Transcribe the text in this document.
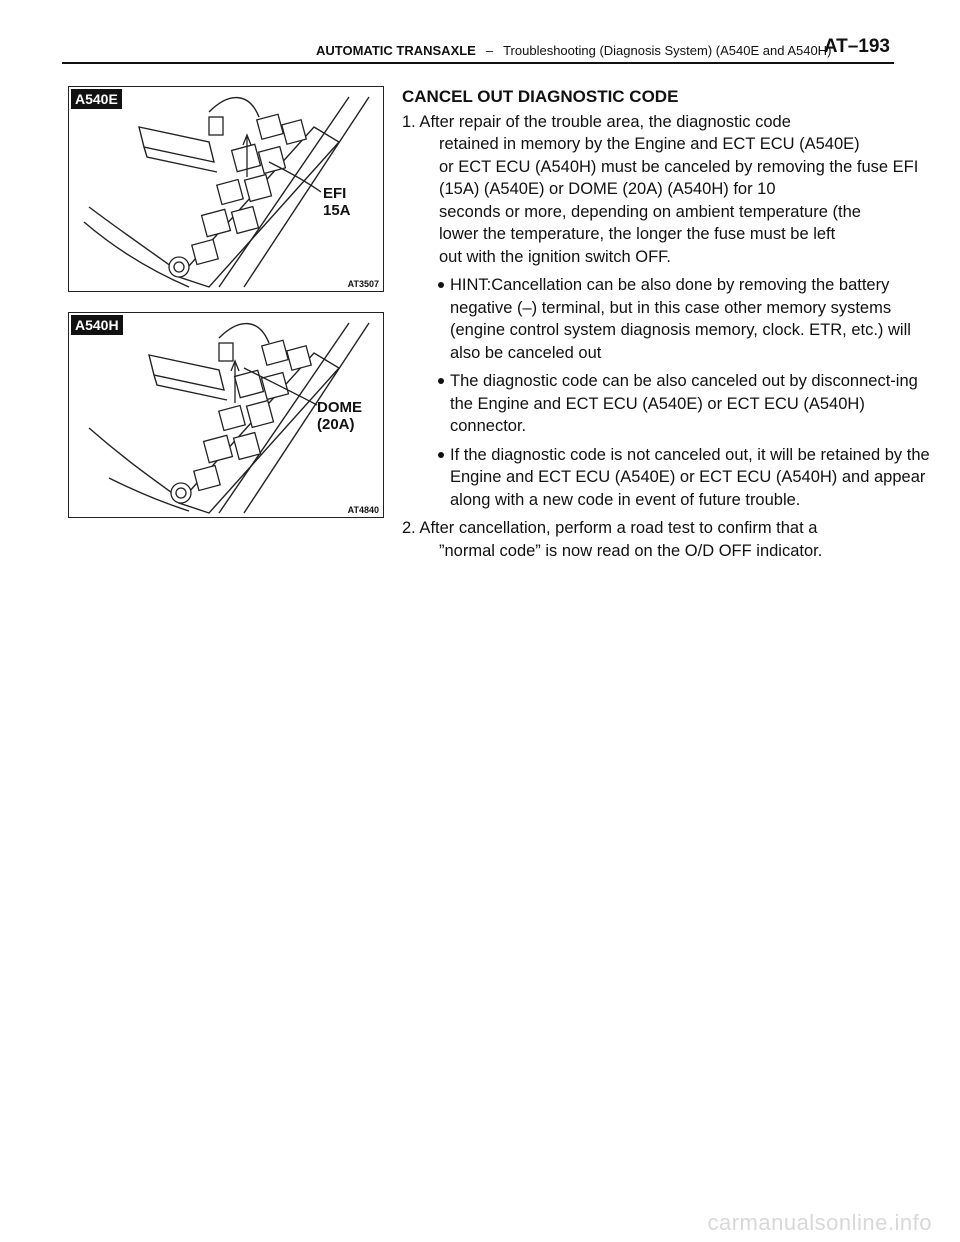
AUTOMATIC TRANSAXLE – Troubleshooting (Diagnosis System) (A540E and A540H)
AT–193
A540E
EFI
15A
AT3507
A540H
DOME
(20A)
AT4840
CANCEL OUT DIAGNOSTIC CODE
1. After repair of the trouble area, the diagnostic code
retained in memory by the Engine and ECT ECU (A540E)
or ECT ECU (A540H) must be canceled by removing the fuse EFI
(15A) (A540E) or DOME (20A) (A540H) for 10
seconds or more, depending on ambient temperature (the
lower the temperature, the longer the fuse must be left
out with the ignition switch OFF.
HINT:Cancellation can be also done by removing the battery negative (–) terminal, but in this case other memory systems (engine control system diagnosis memory, clock. ETR, etc.) will also be canceled out
The diagnostic code can be also canceled out by disconnect-ing the Engine and ECT ECU (A540E) or ECT ECU (A540H) connector.
If the diagnostic code is not canceled out, it will be retained by the Engine and ECT ECU (A540E) or ECT ECU (A540H) and appear along with a new code in event of future trouble.
2. After cancellation, perform a road test to confirm that a
”normal code” is now read on the O/D OFF indicator.
carmanualsonline.info
